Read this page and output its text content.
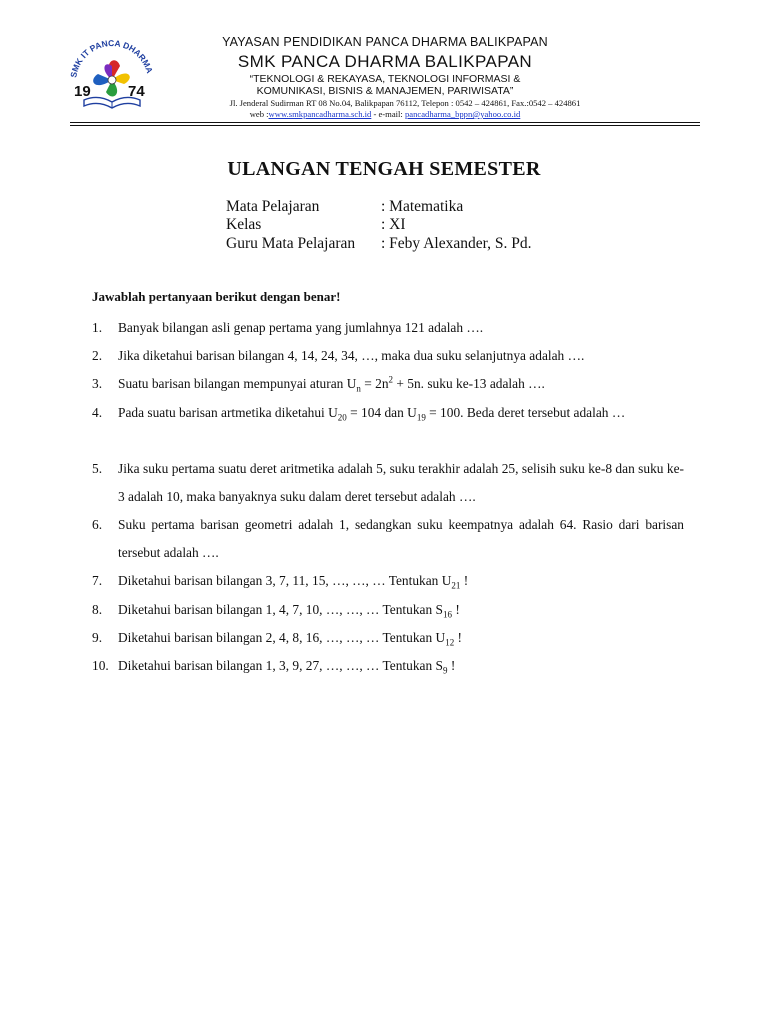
SMK IT PANCA DHARMA
19 74
YAYASAN PENDIDIKAN PANCA DHARMA BALIKPAPAN
SMK PANCA DHARMA BALIKPAPAN
“TEKNOLOGI & REKAYASA, TEKNOLOGI INFORMASI &
KOMUNIKASI, BISNIS & MANAJEMEN, PARIWISATA”
Jl. Jenderal Sudirman RT 08 No.04, Balikpapan 76112, Telepon : 0542 – 424861, Fax.:0542 – 424861
web :www.smkpancadharma.sch.id - e-mail: pancadharma_bppn@yahoo.co.id
ULANGAN TENGAH SEMESTER
Mata Pelajaran	: Matematika
Kelas	: XI
Guru Mata Pelajaran : Feby Alexander, S. Pd.
Jawablah pertanyaan berikut dengan benar!
1. Banyak bilangan asli genap pertama yang jumlahnya 121 adalah ….
2. Jika diketahui barisan bilangan 4, 14, 24, 34, …, maka dua suku selanjutnya adalah ….
3. Suatu barisan bilangan mempunyai aturan $U_n = 2n^2 + 5n$. suku ke-13 adalah ….
4. Pada suatu barisan artmetika diketahui $U_{20} = 104$ dan $U_{19} = 100$. Beda deret tersebut adalah …
5. Jika suku pertama suatu deret aritmetika adalah 5, suku terakhir adalah 25, selisih suku ke-8 dan suku ke-3 adalah 10, maka banyaknya suku dalam deret tersebut adalah ….
6. Suku pertama barisan geometri adalah 1, sedangkan suku keempatnya adalah 64. Rasio dari barisan tersebut adalah ….
7. Diketahui barisan bilangan 3, 7, 11, 15, …, …, … Tentukan $U_{21}$ !
8. Diketahui barisan bilangan 1, 4, 7, 10, …, …, … Tentukan $S_{16}$ !
9. Diketahui barisan bilangan 2, 4, 8, 16, …, …, … Tentukan $U_{12}$ !
10. Diketahui barisan bilangan 1, 3, 9, 27, …, …, … Tentukan $S_9$ !
